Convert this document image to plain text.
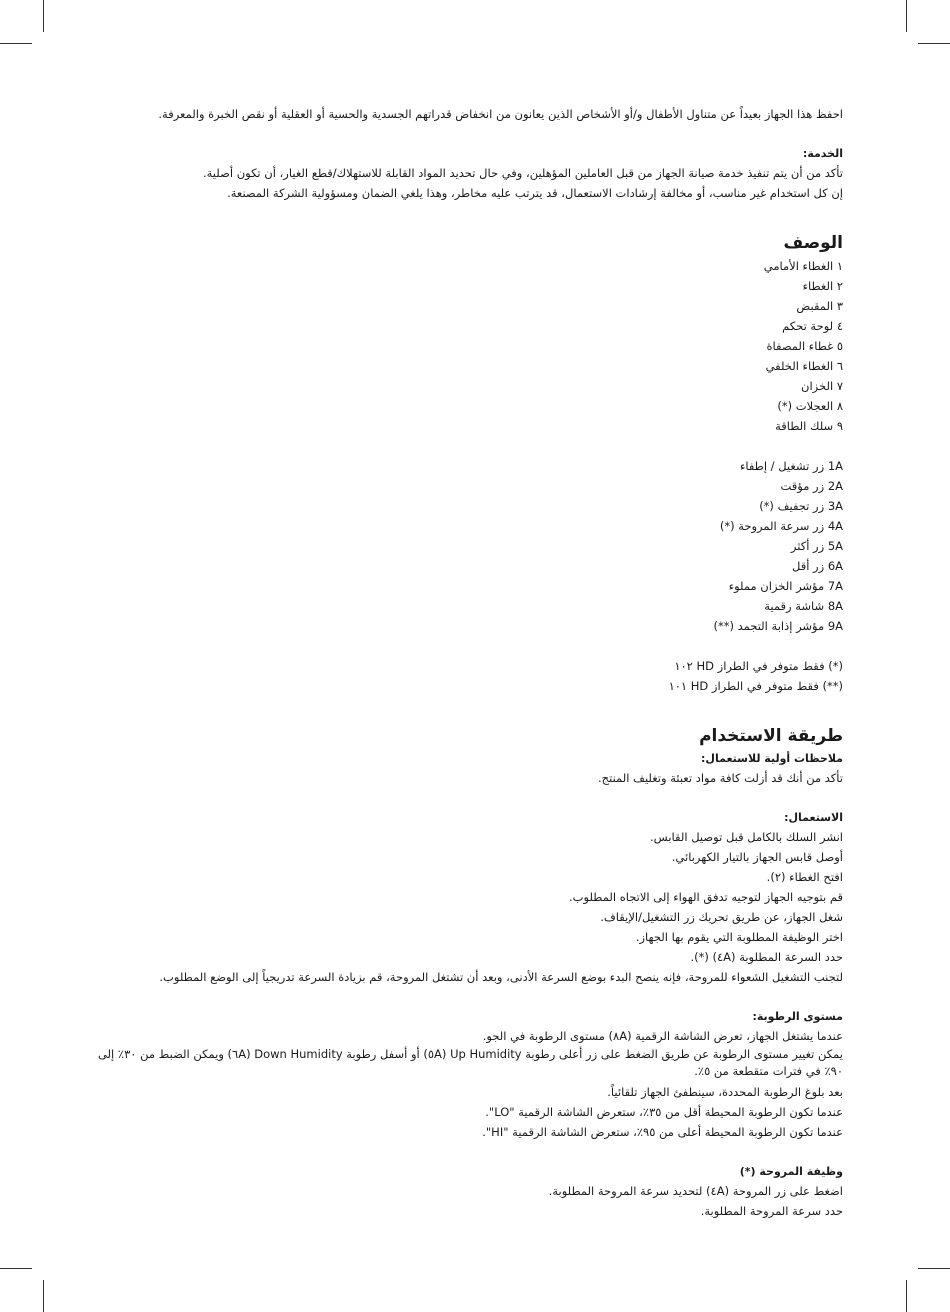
احفظ هذا الجهاز بعيداً عن متناول الأطفال و/أو الأشخاص الذين يعانون من انخفاض قدراتهم الجسدية والحسية أو العقلية أو نقص الخبرة والمعرفة.

الخدمة:

تأكد من أن يتم تنفيذ خدمة صيانة الجهاز من قبل العاملين المؤهلين، وفي حال تحديد المواد القابلة للاستهلاك/قطع الغيار، أن تكون أصلية.

إن كل استخدام غير مناسب، أو مخالفة إرشادات الاستعمال، قد يترتب عليه مخاطر، وهذا يلغي الضمان ومسؤولية الشركة المصنعة.

الوصف

١ الغطاء الأمامي

٢ الغطاء

٣ المقبض

٤ لوحة تحكم

٥ غطاء المصفاة

٦ الغطاء الخلفي

٧ الخزان

٨ العجلات (*)

٩ سلك الطاقة

1A زر تشغيل / إطفاء

2A زر مؤقت

3A زر تجفيف (*)

4A زر سرعة المروحة (*)

5A زر أكثر

6A زر أقل

7A مؤشر الخزان مملوء

8A شاشة رقمية

9A مؤشر إذابة التجمد (**)

(*) فقط متوفر في الطراز HD ١٠٢

(**) فقط متوفر في الطراز HD ١٠١

طريقة الاستخدام

ملاحظات أولية للاستعمال:

تأكد من أنك قد أزلت كافة مواد تعبئة وتغليف المنتج.

الاستعمال:

انشر السلك بالكامل قبل توصيل القابس.

أوصل قابس الجهاز بالتيار الكهربائي.

افتح الغطاء (٢).

قم بتوجيه الجهاز لتوجيه تدفق الهواء إلى الاتجاه المطلوب.

شغل الجهاز، عن طريق تحريك زر التشغيل/الإيقاف.

اختر الوظيفة المطلوبة التي يقوم بها الجهاز.

حدد السرعة المطلوبة (٤A) (*).

لتجنب التشغيل الشعواء للمروحة، فإنه ينصح البدء بوضع السرعة الأدنى، وبعد أن تشتغل المروحة، قم بزيادة السرعة تدريجياً إلى الوضع المطلوب.

مستوى الرطوبة:

عندما يشتغل الجهاز، تعرض الشاشة الرقمية (٨A) مستوى الرطوبة في الجو.

يمكن تغيير مستوى الرطوبة عن طريق الضغط على زر أعلى رطوبة Up Humidity (٥A) أو أسفل رطوبة Down Humidity (٦A) ويمكن الضبط من ٣٠٪ إلى ٩٠٪ في فترات متقطعة من ٥٪.

بعد بلوغ الرطوبة المحددة، سينطفئ الجهاز تلقائياً.

عندما تكون الرطوبة المحيطة أقل من ٣٥٪، ستعرض الشاشة الرقمية "LO".

عندما تكون الرطوبة المحيطة أعلى من ٩٥٪، ستعرض الشاشة الرقمية "HI".

وظيفة المروحة (*)

اضغط على زر المروحة (٤A) لتحديد سرعة المروحة المطلوبة.

حدد سرعة المروحة المطلوبة.
